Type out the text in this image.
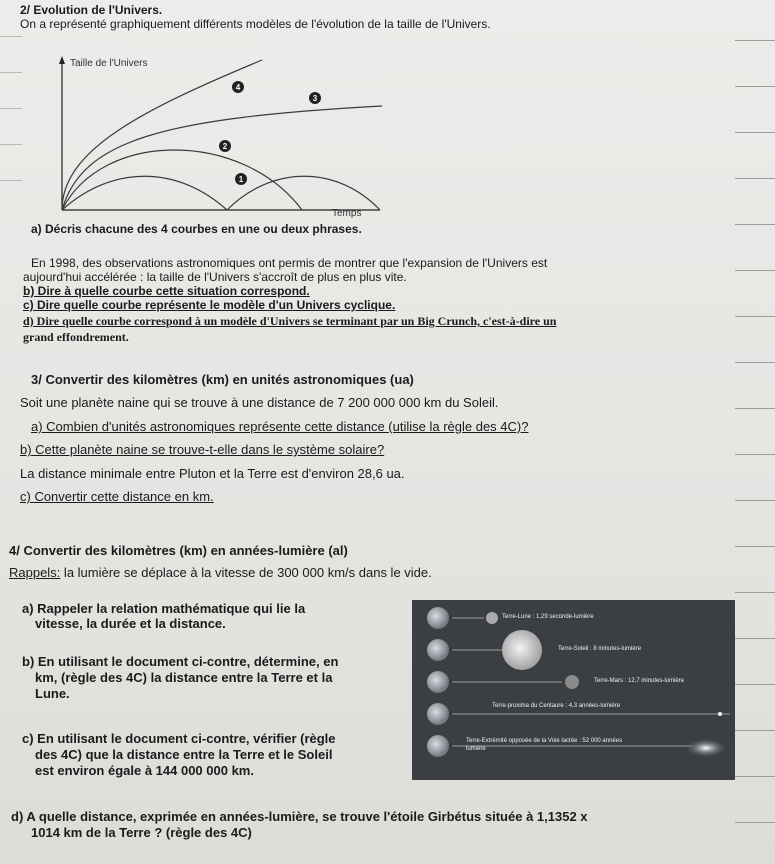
2/ Evolution de l'Univers.
On a représenté graphiquement différents modèles de l'évolution de la taille de l'Univers.
Taille de l'Univers
Temps
4
3
2
1
a) Décris chacune des 4 courbes en une ou deux phrases.
En 1998, des observations astronomiques ont permis de montrer que l'expansion de l'Univers est
aujourd'hui accélérée : la taille de l'Univers s'accroît de plus en plus vite.
b) Dire à quelle courbe cette situation correspond.
c) Dire quelle courbe représente le modèle d'un Univers cyclique.
d) Dire quelle courbe correspond à un modèle d'Univers se terminant par un Big Crunch, c'est-à-dire un
grand effondrement.
3/ Convertir des kilomètres (km) en unités astronomiques (ua)
Soit une planète naine qui se trouve à une distance de 7 200 000 000 km du Soleil.
a) Combien d'unités astronomiques représente cette distance (utilise la règle des 4C)?
b) Cette planète naine se trouve-t-elle dans le système solaire?
La distance minimale entre Pluton et la Terre est d'environ 28,6 ua.
c) Convertir cette distance en km.
4/ Convertir des kilomètres (km) en années-lumière (al)
Rappels: la lumière se déplace à la vitesse de 300 000 km/s dans le vide.
a) Rappeler la relation mathématique qui lie la
vitesse, la durée et la distance.
b) En utilisant le document ci-contre, détermine, en
km, (règle des 4C) la distance entre la Terre et la
Lune.
c) En utilisant le document ci-contre, vérifier (règle
des 4C) que la distance entre la Terre et le Soleil
est environ égale à 144 000 000 km.
d) A quelle distance, exprimée en années-lumière, se trouve l'étoile Girbétus située à 1,1352 x
1014 km de la Terre ? (règle des 4C)
Terre-Lune : 1,29 seconde-lumière
Terre-Soleil : 8 minutes-lumière
Terre-Mars : 12,7 minutes-lumière
Terre-proxima du Centaure : 4,3 années-lumière
Terre-Extrémité opposée de la Voie lactée : 52 000 années
lumière
